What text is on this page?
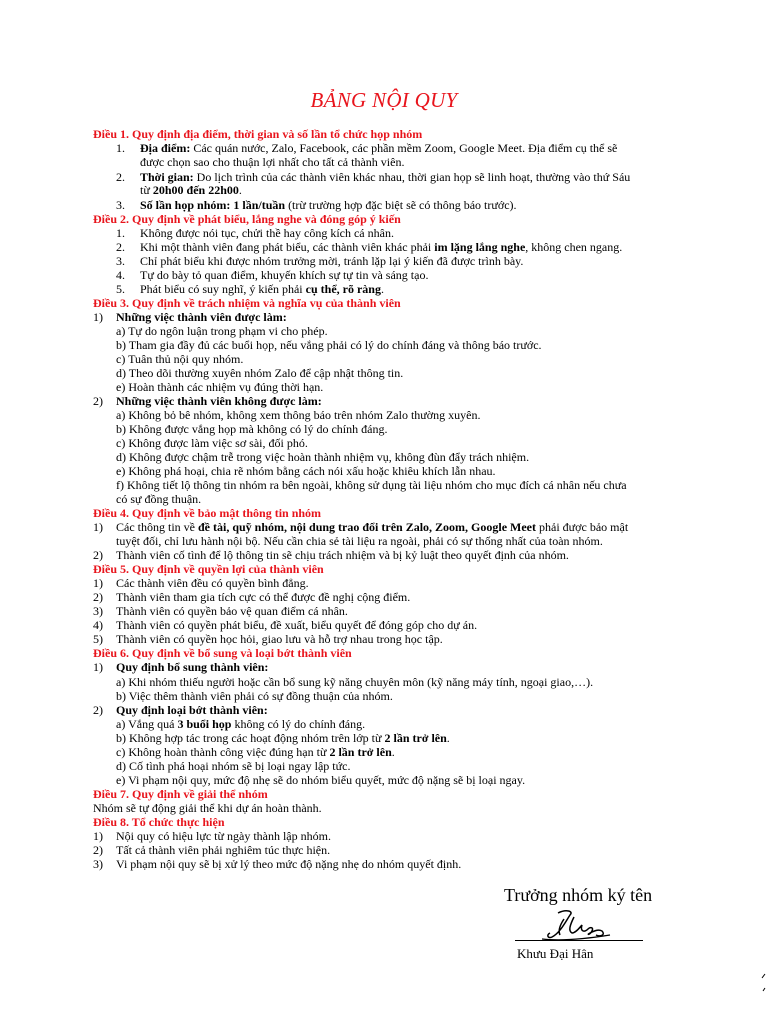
BẢNG NỘI QUY
Điều 1. Quy định địa điểm, thời gian và số lần tổ chức họp nhóm
1. Địa điểm: Các quán nước, Zalo, Facebook, các phần mềm Zoom, Google Meet. Địa điểm cụ thể sẽ
được chọn sao cho thuận lợi nhất cho tất cả thành viên.
2. Thời gian: Do lịch trình của các thành viên khác nhau, thời gian họp sẽ linh hoạt, thường vào thứ Sáu
từ 20h00 đến 22h00.
3. Số lần họp nhóm: 1 lần/tuần (trừ trường hợp đặc biệt sẽ có thông báo trước).
Điều 2. Quy định về phát biểu, lắng nghe và đóng góp ý kiến
1. Không được nói tục, chửi thề hay công kích cá nhân.
2. Khi một thành viên đang phát biểu, các thành viên khác phải im lặng lắng nghe, không chen ngang.
3. Chỉ phát biểu khi được nhóm trưởng mời, tránh lặp lại ý kiến đã được trình bày.
4. Tự do bày tỏ quan điểm, khuyến khích sự tự tin và sáng tạo.
5. Phát biểu có suy nghĩ, ý kiến phải cụ thể, rõ ràng.
Điều 3. Quy định về trách nhiệm và nghĩa vụ của thành viên
1) Những việc thành viên được làm:
a) Tự do ngôn luận trong phạm vi cho phép.
b) Tham gia đầy đủ các buổi họp, nếu vắng phải có lý do chính đáng và thông báo trước.
c) Tuân thủ nội quy nhóm.
d) Theo dõi thường xuyên nhóm Zalo để cập nhật thông tin.
e) Hoàn thành các nhiệm vụ đúng thời hạn.
2) Những việc thành viên không được làm:
a) Không bỏ bê nhóm, không xem thông báo trên nhóm Zalo thường xuyên.
b) Không được vắng họp mà không có lý do chính đáng.
c) Không được làm việc sơ sài, đối phó.
d) Không được chậm trễ trong việc hoàn thành nhiệm vụ, không đùn đẩy trách nhiệm.
e) Không phá hoại, chia rẽ nhóm bằng cách nói xấu hoặc khiêu khích lẫn nhau.
f) Không tiết lộ thông tin nhóm ra bên ngoài, không sử dụng tài liệu nhóm cho mục đích cá nhân nếu chưa
có sự đồng thuận.
Điều 4. Quy định về bảo mật thông tin nhóm
1) Các thông tin về đề tài, quỹ nhóm, nội dung trao đổi trên Zalo, Zoom, Google Meet phải được bảo mật
tuyệt đối, chỉ lưu hành nội bộ. Nếu cần chia sẻ tài liệu ra ngoài, phải có sự thống nhất của toàn nhóm.
2) Thành viên cố tình để lộ thông tin sẽ chịu trách nhiệm và bị kỷ luật theo quyết định của nhóm.
Điều 5. Quy định về quyền lợi của thành viên
1) Các thành viên đều có quyền bình đẳng.
2) Thành viên tham gia tích cực có thể được đề nghị cộng điểm.
3) Thành viên có quyền bảo vệ quan điểm cá nhân.
4) Thành viên có quyền phát biểu, đề xuất, biểu quyết để đóng góp cho dự án.
5) Thành viên có quyền học hỏi, giao lưu và hỗ trợ nhau trong học tập.
Điều 6. Quy định về bổ sung và loại bớt thành viên
1) Quy định bổ sung thành viên:
a) Khi nhóm thiếu người hoặc cần bổ sung kỹ năng chuyên môn (kỹ năng máy tính, ngoại giao,…).
b) Việc thêm thành viên phải có sự đồng thuận của nhóm.
2) Quy định loại bớt thành viên:
a) Vắng quá 3 buổi họp không có lý do chính đáng.
b) Không hợp tác trong các hoạt động nhóm trên lớp từ 2 lần trở lên.
c) Không hoàn thành công việc đúng hạn từ 2 lần trở lên.
d) Cố tình phá hoại nhóm sẽ bị loại ngay lập tức.
e) Vi phạm nội quy, mức độ nhẹ sẽ do nhóm biểu quyết, mức độ nặng sẽ bị loại ngay.
Điều 7. Quy định về giải thể nhóm
Nhóm sẽ tự động giải thể khi dự án hoàn thành.
Điều 8. Tổ chức thực hiện
1) Nội quy có hiệu lực từ ngày thành lập nhóm.
2) Tất cả thành viên phải nghiêm túc thực hiện.
3) Vi phạm nội quy sẽ bị xử lý theo mức độ nặng nhẹ do nhóm quyết định.
Trưởng nhóm ký tên
Khưu Đại Hân
